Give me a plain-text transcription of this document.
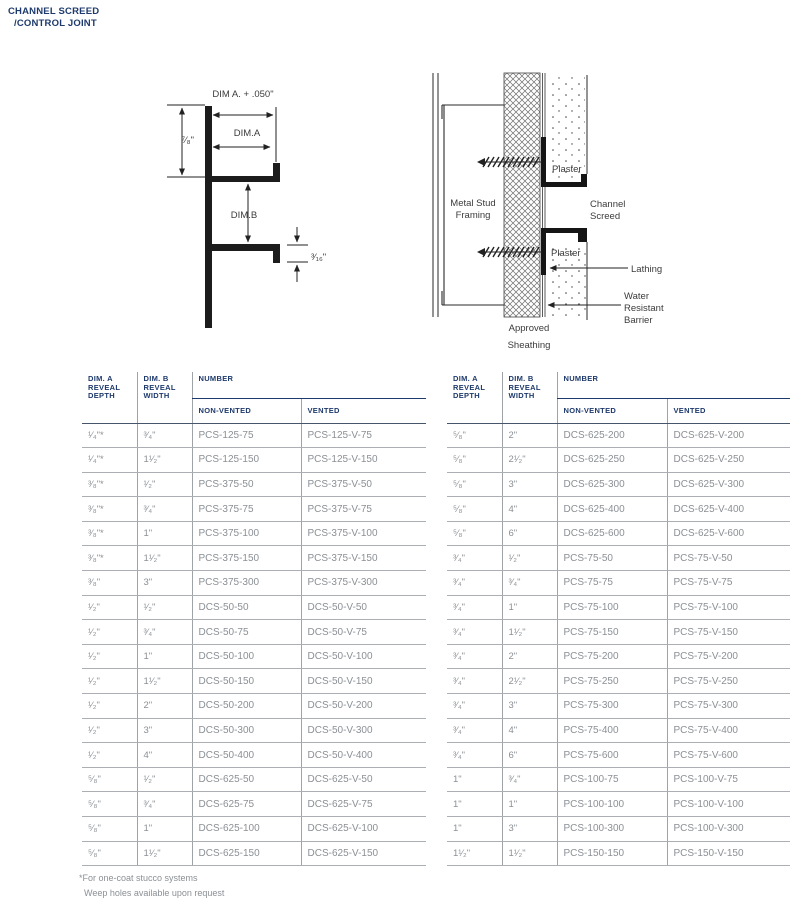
CHANNEL SCREED
/CONTROL JOINT
DIM A. + .050"
DIM.A
⁷⁄₈"
DIM.B
³⁄₁₆"
Metal Stud
Framing
Plaster
Channel
Screed
Plaster
Lathing
Water
Resistant
Barrier
Approved
Sheathing
DIM. A
REVEAL
DEPTH	DIM. B
REVEAL
WIDTH	NUMBER	
		NON-VENTED	VENTED
¹⁄₄"*	³⁄₄"	PCS-125-75	PCS-125-V-75
¹⁄₄"*	1¹⁄₂"	PCS-125-150	PCS-125-V-150
³⁄₈"*	¹⁄₂"	PCS-375-50	PCS-375-V-50
³⁄₈"*	³⁄₄"	PCS-375-75	PCS-375-V-75
³⁄₈"*	1"	PCS-375-100	PCS-375-V-100
³⁄₈"*	1¹⁄₂"	PCS-375-150	PCS-375-V-150
³⁄₈"	3"	PCS-375-300	PCS-375-V-300
¹⁄₂"	¹⁄₂"	DCS-50-50	DCS-50-V-50
¹⁄₂"	³⁄₄"	DCS-50-75	DCS-50-V-75
¹⁄₂"	1"	DCS-50-100	DCS-50-V-100
¹⁄₂"	1¹⁄₂"	DCS-50-150	DCS-50-V-150
¹⁄₂"	2"	DCS-50-200	DCS-50-V-200
¹⁄₂"	3"	DCS-50-300	DCS-50-V-300
¹⁄₂"	4"	DCS-50-400	DCS-50-V-400
⁵⁄₈"	¹⁄₂"	DCS-625-50	DCS-625-V-50
⁵⁄₈"	³⁄₄"	DCS-625-75	DCS-625-V-75
⁵⁄₈"	1"	DCS-625-100	DCS-625-V-100
⁵⁄₈"	1¹⁄₂"	DCS-625-150	DCS-625-V-150
DIM. A
REVEAL
DEPTH	DIM. B
REVEAL
WIDTH	NUMBER	
		NON-VENTED	VENTED
⁵⁄₈"	2"	DCS-625-200	DCS-625-V-200
⁵⁄₈"	2¹⁄₂"	DCS-625-250	DCS-625-V-250
⁵⁄₈"	3"	DCS-625-300	DCS-625-V-300
⁵⁄₈"	4"	DCS-625-400	DCS-625-V-400
⁵⁄₈"	6"	DCS-625-600	DCS-625-V-600
³⁄₄"	¹⁄₂"	PCS-75-50	PCS-75-V-50
³⁄₄"	³⁄₄"	PCS-75-75	PCS-75-V-75
³⁄₄"	1"	PCS-75-100	PCS-75-V-100
³⁄₄"	1¹⁄₂"	PCS-75-150	PCS-75-V-150
³⁄₄"	2"	PCS-75-200	PCS-75-V-200
³⁄₄"	2¹⁄₂"	PCS-75-250	PCS-75-V-250
³⁄₄"	3"	PCS-75-300	PCS-75-V-300
³⁄₄"	4"	PCS-75-400	PCS-75-V-400
³⁄₄"	6"	PCS-75-600	PCS-75-V-600
1"	³⁄₄"	PCS-100-75	PCS-100-V-75
1"	1"	PCS-100-100	PCS-100-V-100
1"	3"	PCS-100-300	PCS-100-V-300
1¹⁄₂"	1¹⁄₂"	PCS-150-150	PCS-150-V-150
*For one-coat stucco systems
Weep holes available upon request
